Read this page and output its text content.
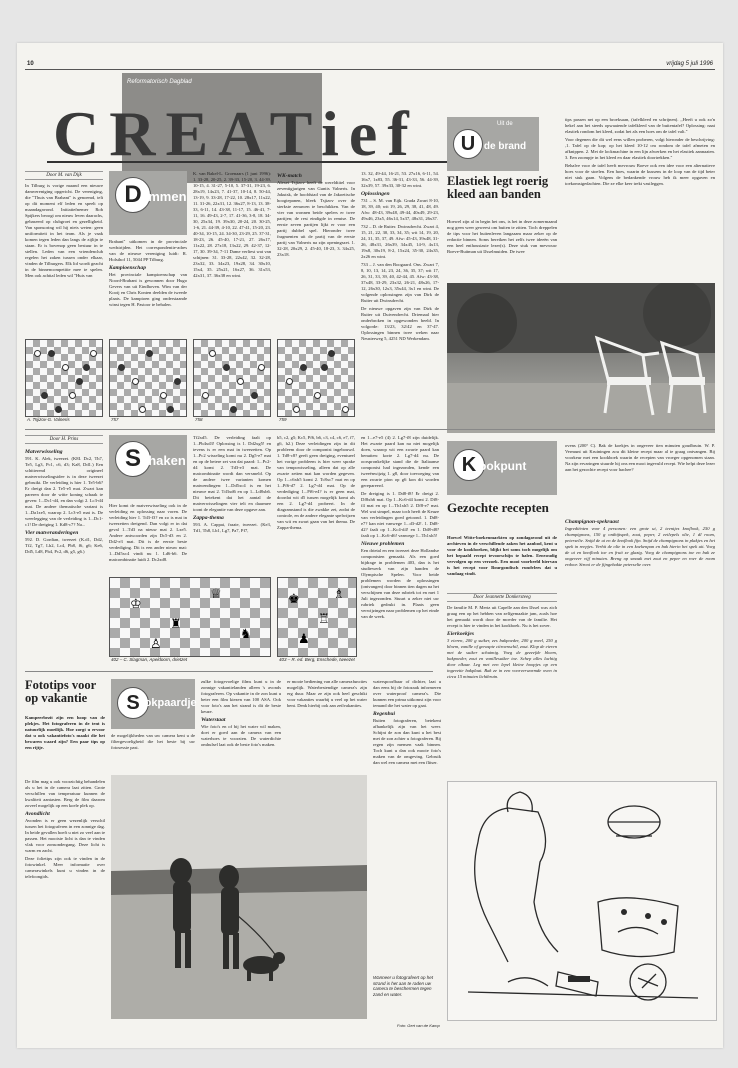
10	vrijdag 5 juli 1996
Reformatorisch Dagblad
CREATief
Door M. van Dijk
In Tilburg is vorige maand een nieuwe damvereniging opgericht. De vereniging, die "Thuis van Brabant" is genoemd, telt op dit moment elf leden en speelt op maandagavond. Initiatiefnemer Rob Spijkers beoogt om nieuw leven daarachs, gebaseerd op clubgroei en gezelligheid. Van sponsoring wil hij niets weten: geen uniformiteit in het team. Als je vaak komen tegen leden dan langs de zijlijn te staan. Er is bovenop geen bestuur in te stellen. Leden van een vriendenclub regelen het zaken tussen onder elkaar, vinden de Tilburgers. Elk lid wordt geacht in de binnencompetitie mee te spelen. Men ook achttal leden wil "Huis van
D ammen

Brabant" uitkomen in de provinciale wedstrijden. Het correspondentie-adres van de nieuwe vereniging luidt: R. Holsthof 11, 5044 PP Tilburg.

Kampioenschap

Het provinciale kampioenschap van Noord-Brabant is gewonnen door Hugo Gevers van uit Eindhoven. Wim van der Kooij en Chris Konten deelden de tweede plaats. De kampioen ging onderstaande winst tegen H. Pastoor te behalen.

K. van Bakel-L. Groenaars (1 juni 1996): 1. 33-28, 20-25, 2. 39-33, 15-20, 3. 44-39, 10-15, 4. 31-27, 5-10, 5. 37-31, 19-23, 6. 28x19, 14x23, 7. 41-37, 10-14, 8. 50-44, 13-19, 9. 33-28, 17-22, 10. 28x17, 11x22, 11. 31-26, 22x31, 12. 36x27, 8-13, 13. 38-33, 6-11, 14. 43-38, 11-17, 15. 46-41, 7-11, 16. 49-43, 2-7, 17. 41-36, 3-8, 18. 34-30, 25x34, 19. 39x30, 20-24, 20. 30-25, 1-6, 21. 44-39, 4-10, 22. 47-41, 15-20, 23. 40-34, 10-15, 24. 34-30, 23-29, 25. 37-31, 18-23, 26. 45-40, 17-21, 27. 26x17, 11x22, 28. 27x18, 13x22, 29. 42-37, 12-17, 30. 39-34, 7-11 Dame verliest wat van schijnen: 31. 33-28, 22x42, 32. 32-28, 23x32, 33. 34x23, 19x28, 34. 30x10, 15x4, 35. 25x21, 16x27, 36. 31x53, 42x31, 37. 36x38 en wint.
WK-match

Alexei Tsjizov heeft de wereldtitel voor zeventigjarigen van Guntis Valneris. In Jakutsk, de hoofdstad van de Jakoetische hoogtepanen, bleek Tsjizov over de sterkste zenuwen te beschikken. Van de vier van wonnen beide spelers er twee partijen; de rest eindigde in remise. De eerste zeven partijen lijkt er voor een partij dubbel spel. Hieronder twee fragmenten uit de partij van de eerste partij van Valneris na zijn openingszet. 1. 32-28, 20x29, 2. 45-40, 18-23, 3. 34x25, 23x18.

13. 32, 49-44, 16-21, 53. 27x16, 6-11, 54. 16x7, 1x83, 55. 36-31, 43-33, 56. 44-39, 32x39, 57. 39x33, 30-32 en wint.

Oplossingen

731 – S. M. van Eijk. Grada Zwart 8-10, 18, 39, 40; wit 19, 26, 29, 38, 41, 48, 49. Afw: 48-43, 39x48, 49-44, 40x49, 29-23, 49x46, 23x5, 46x14, 5x37, 48x31, 26x37.

732 – D. de Ruiter. Dwinsdrecht. Zwart 4, 15, 21, 22, 30, 33, 34, 35; wit 14, 19, 20, 24, 31, 35, 37, 49. Afw: 45-43, 39x48, 31-26, 48x31, 26x39, 34x45, 14-9, 4x13, 19x8, 30x19, 8-2, 15x24, 35-30, 24x35, 2x26 en wint.

733 – J. van den Boogaard. Ons. Zwart 7, 8, 10, 13, 14, 23, 24, 36, 35, 37; wit 17, 26, 31, 33, 39, 40, 42-44, 45. Afw: 43-38, 37x48, 33-29, 23x32, 26-21, 48x26, 17-12, 26x30, 12x3, 35x44, 3x1 en wint. De volgende oplossingen zijn van Dirk de Ruiter uit Dwinsdrecht.

De nieuwe opgaven zijn van Dirk de Ruiter uit Duivendrecht. Driemaal hier onderbroken in opgewonden beeld. In volgorde: 13/23, 32/42 en 37-47. Oplossingen binnen twee weken naar Neusterweg 5, 4251 ND Werkendam.

A. Tsjizov-G. Valneris	757	758	759
Uit de
U it de brand
Elastiek legt roerig kleed aan banden
Hoewel zijn al in begin het ons, is het in deze zomermaand nog geen weer geweest om buiten te zitten. Toch dreppelen de tips voor het buitenleven langzaam maar zeker op de redactie binnen. Soms bereiken het zelfs twee ideeën van een heel enthousiaste lezer(s). Deze stuk van mevrouw Boeve-Buitman uit IJsselmuiden. De twee

tips passen net op een broeksaan, (tafelkleed en schrijnen). ,,Heeft u ook zo'n hekel aan het steeds opwaaiende tafelkleed van de buitentafel? Oplossing: naai elastiek rondom het kleed, zodat het als een hoes om de tafel valt."

Voor degenen die dit wel eens willen proberen, volgt hieronder de beschrijving: ,1. Tafel op de kop; op het kleed 10-12 cm rondom de tafel afmeten en afknippen. 2. Met de lockmachine in een lijn afwerken en het elastiek aannaaien. 3. Een zoompje in het kleed en daar elastiek doortrekken."

Behalve voor de tafel heeft mevrouw Boeve ook een idee voor een alternatieve hoes voor de stoelen. Een hoes, waarin de kussens in de loop van de tijd beter niet stuk gaan. Volgens de bedankende vrouw heb ik meer opgaven en toekomstgedachten. Die ze elke keer trekt vastleggen.

Door H. Prins
Matverwisseling

591. K. Alek, tweezet. (K8I. Dc2, Th7, Te5, Lg3, Pc1, c6, d3; Ka8, Dd1.) Een schitterend origineel matverwisselingsidee is in deze tweezet gebruikt. De verleiding is hier 1. Te5-b6? Er dreigt dan 2. Te5-e5 mat. Zwart kan pareren door de witte koning schaak te geven: 1...Dc1-d4, en dan volgt 2. Lc3-d4 mat. De andere thematische variant is 1...Da1xe5, waarop 2. Lc3-e5 mat is. De weerlegging van de verleiding is 1...Dc1-c1! De dreiging 1. Kd8-c7? Na...

Vier matveranderingen

592. D. Gordian, tweezet (K.d1, Dd2, Tf2, Tg7, Lh2, Lc4, Pb8, f6, g6; Ke6, Dd5, Ld8, Pb4, Pc2, d6, g5, g6.)

S chaken
Hier komt de matverwisseling ook in de verleiding en oplossing naar voren. De verleiding hier 1. Td3-f3? en zo is mat in tweezetten dreigend. Dan volgt er in dat geval 1...Td3 na nieuw mat 2. Lxe5. Andere antwoorden zijn Dc5-d3 en 2. Dd2-e3 mat. Dit is de eerste beste verdediging. Dit is een ander nieuw mat: 1...Dd5xc4 vindt nu 1. Ld6-b6. De matcombinatie luidt 2. Dc2xd8.

Tf2xd5. De verleiding faalt op 1...Pb4xd3! Oplossing is 1. Dd2xg5! en tevens is er een mat in tweezetten. Op 1...Pc2 wisseling komt nu 2. Dg5-e7 mat en op de betere zet van dat paard: 1...Pc2-d4 komt 2. Td3-e3 mat. De matcombinatie wordt dan versmeld. Op de andere twee varianten komen matwendingen: 1...Dd5xc4 is en het nieuwe mat 2. Td3xd6 en op 1...Ld8xb6. Dit betekent dat het aantal de matverwisselingen vier telt en daarmee toont de elegantie van deze opgave aan.

Zappa-thema

593. A. Cappai, fraaie, tweezet. (Ke3, Td1, Th8, Lb1, Lg7, Pa7, Pf7,

b5, c2, g5; Kc5, Pf6, b6, c3, c4, c6, e7, f7, g6, h2.) Deze verleidingen zijn in dit probleem door de componist ingebouwd. 1. Td8-c8? geeft geen dreiging, eventueel het vorige probleem is hier weer sprake van tempowisseling, alleen dat op alle zwarte zetten mat kan worden gegeven. Op 1...c6xb5 komt 2. Tc8xc7 mat en op 1...Pf6-d7 2. Lg7-d4 mat. Op de verdediging 1...Pf6-e4? is er geen mat, doordat wit d5 tussen mogelijk komt als een 2. Lg7-d4 probeert. In de diagramstand is die zwakke zet, zodat de controle, en de andere elegante spelwijzen van wit en zwart gaan van het thema. De Zappa-thema.

en 1...e7-e5 (4) 2. Lg7-f8 zijn duidelijk. Het zwarte paard kan na niet mogelijk doen, waarop wit een zwarte paard kan benutten: korte 2. Lg7-d4 nu. De oorspronkelijke stand die de Italiaanse componist had ingezonden, kende een tweeënwijzig 1. g8, door toevoeging van een zwarte pion op g6 kon dit worden gerepareerd.

De dreiging is 1. Dd8-f8! Er dreigt 2. Df8xh6 mat. Op 1...Kc6-d4 komt 2. Df8-f4 mat en op 1...Th1xh5 2. Df8-e7 mat. Wel wat simpel, maar toch heeft de Keuze van verleidingen goed getoond. 1. Dd8-e7? kan niet vanwege 1...d3-d2!. 1. Dd8-d2? faalt op 1...Kc4-d4! en 1. Dd8-d8? faalt op 1...Kc6-d6! vanwege 1...Th1xh5!

Nieuwe problemen

Een drietal en een tweezet deze Hollandse componisten gemaakt. Als een goed bijdrage in problemen 403, dan is het studiewerk van zijn handen de Olympische Spelen. Voor beide problemen worden de oplossingen (ontvangen) door binnen tien dagen na het verschijnen van deze rubriek tot en met 1 Juli ingezonden. Stuurt u zeker niet uw rubriek gedrukt in. Plaats geen verwijzingen naar problemen op het einde van de week.

♔
♜
♕
♞
♙
♚
♖
♗
♟
402 – C. Slagman, Apeldoorn, drietzet	403 – R. ed. Berg, Enschede, tweezet
ovens (200° C). Bak de koekjes in ongeveer tien minuten goudbruin. W. P. Vermunt uit Kruiningen zou dit kleine recept maar al te graag ontvangen. Bij voorkeur met een kookboek waarin de recepten van vroeger opgenomen staan. Na zijn ervaringen stuurde hij ons een mooi ingevuld recept. Wie helpt deze lezer aan het gezochte recept voor hachee?
K ookpunt
Gezochte recepten
Hoewel Witte-boekenmarkten op zondagavond uit de archieven in de verschillende zaken het aanbod, kent u voor de kookboeken, blijkt het soms toch mogelijk om het bepaald recept tevoorschijn te halen. Eenvoudig vervolgen op een verzoek. Een mooi voorbeeld hiervan is het recept voor Bourgondisch rundvlees dat u vandaag vindt.
Door Jeannette Donkersteeg

De familie M. P. Mertz uit Capelle aan den IJssel was zich graag een op het hebben van zelfgemaakte jam, zoals hoe het gemaakt wordt door de moeder van de familie. Het recept is hier te vinden in het kookboek. Nu is het zover.

Eierkoekjes

3 eieren, 200 g suiker, zes bakpoeder, 200 g meel, 250 g bloem, vanille of geraspte citroenschil, zout. Klop de eieren met de suiker schuimig. Voeg de gezeefde bloem, bakpoeder, zout en vanillesuiker toe. Schep alles luchtig door elkaar. Leg met een lepel kleine hoopjes op een ingevette bakplaat. Bak ze in een voorverwarmde oven in circa 15 minuten lichtbruin.

Champignon-spekraast

Ingrediënten voor 4 personen: een grote ui, 2 teentjes knoflook, 250 g champignons, 150 g ontbijtspek, zout, peper, 2 eetlepels olie, 1 dl room, peterselie. Snijd de ui en de knoflook fijn. Snijd de champignons in plakjes en het spek in reepjes. Verhit de olie in een koekenpan en bak hierin het spek uit. Voeg de ui en knoflook toe en fruit ze glazig. Voeg de champignons toe en bak ze ongeveer vijf minuten. Breng op smaak met zout en peper en roer de room erdoor. Strooi er de fijngehakte peterselie over.

Fototips voor op vakantie
Kampeerbezit zijn een hoop van de plekjes. Het fotograferen in de tent is natuurlijk moeilijk. Hoe zorgt u ervoor dat u ook vakantiefoto's maakt die het bewaren waard zijn? Een paar tips op een rijtje.

De film mag u ook voorzichtig behandelen als u het in de camera laat zitten. Grote verschillen van temperatuur kunnen de kwaliteit aantasten. Berg de film daarom zoveel mogelijk op een koele plek op.

Avondlicht

Avonden is er geen wezenlijk verschil tussen het fotograferen in een zonnige dag. In beide gevallen hoeft u niet zo veel aan te passen. Het mooiste licht is dan te vinden vlak voor zonsondergang. Deze licht is warm en zacht.

Deze folietips zijn ook te vinden in de fotowinkel. Meer informatie over camerawinkels kunt u vinden in de telefoongids.

S tokpaardje
de mogelijkheden van uw camera kent u de filtergevoeligheid die het beste bij uw fotosessie past.

zulke fotogevoelige films kunt u in de zonnige vakantielanden alleen 's avonds fotograferen. Op vakantie in de zon kunt u beter een film kiezen van 100 ASA. Ook voor foto's aan het strand is dit de beste keuze.

Waterstaat

Wie foto's en of bij het water wil maken, doet er goed aan de camera van een waterhoes te voorzien. De waterdichte omhulsel laat ook de beste foto's maken.

er mooie bediening van alle camerafuncties mogelijk. Waterbestendige camera's zijn erg duur. Maar ze zijn ook heel geschikt voor vakanties waarbij u veel op het water bent. Denk hierbij ook aan zeilvakanties.

waterspoorlbaar of dichter, laat u dan eens bij de fotozaak informeren over waterproof camera's. Die kunnen een prima uitkomst zijn voor iemand die het water op gaat.

Regenbui

Buiten fotograferen, betekent afhankelijk zijn van het weer. Schijnt de zon dan kunt u het best met de zon achter u fotograferen. Bij regen zijn mensen vaak binnen. Toch kunt u dan ook mooie foto's maken van de omgeving. Gebruik dan wel een camera met een flitser.

Wanneer u fotografeert op het strand is het aan te raden uw camera te beschermen tegen zand en water.
Foto: Gert van de Kamp
